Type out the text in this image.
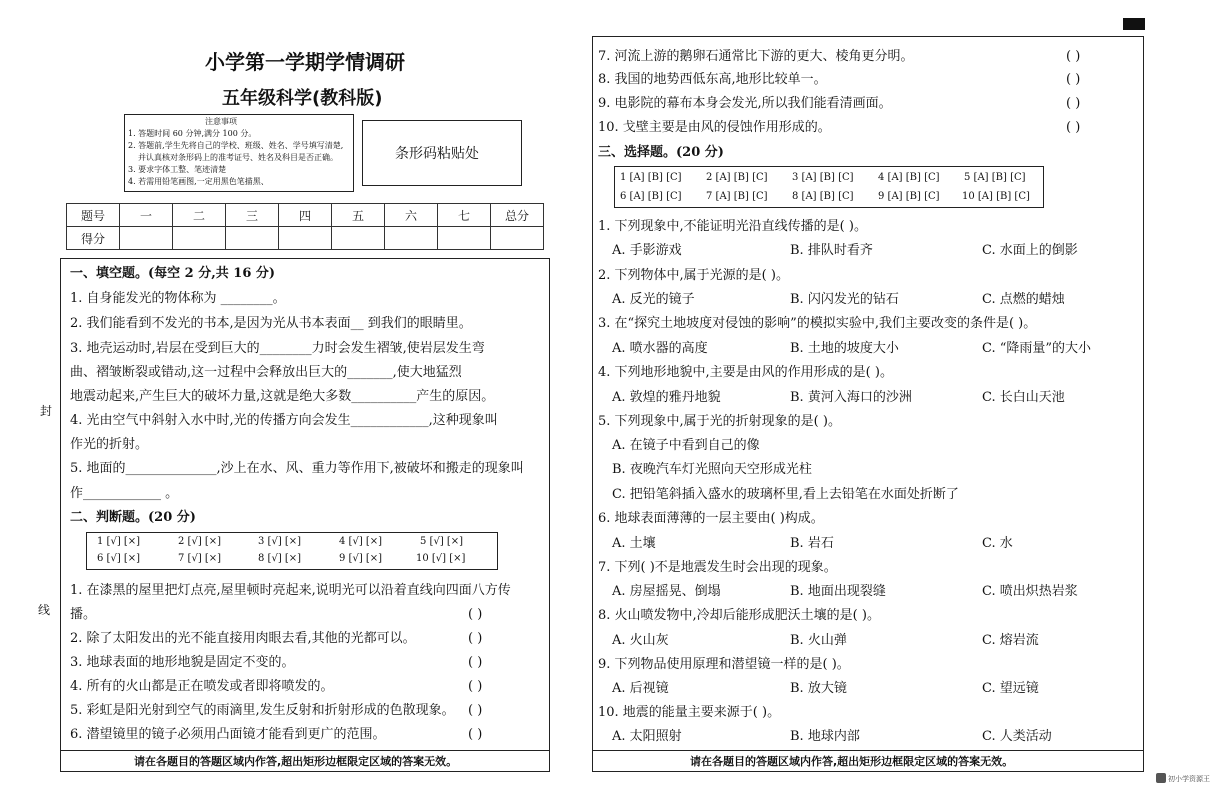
小学第一学期学情调研
五年级科学(教科版)
注意事项
1. 答题时间 60 分钟,满分 100 分。
2. 答题前,学生先将自己的学校、班级、姓名、学号填写清楚,
并认真核对条形码上的准考证号、姓名及科目是否正确。
3. 要求字体工整、笔迹清楚
4. 若需用铅笔画图,一定用黑色笔描黑、
条形码粘贴处
题号	一	二	三	四	五	六	七	总分
得分								
一、填空题。(每空 2 分,共 16 分)
1. 自身能发光的物体称为 ________。
2. 我们能看到不发光的书本,是因为光从书本表面__ 到我们的眼睛里。
3. 地壳运动时,岩层在受到巨大的________力时会发生褶皱,使岩层发生弯
曲、褶皱断裂或错动,这一过程中会释放出巨大的_______,使大地猛烈
地震动起来,产生巨大的破坏力量,这就是绝大多数__________产生的原因。
4. 光由空气中斜射入水中时,光的传播方向会发生____________,这种现象叫
作光的折射。
5. 地面的______________,沙上在水、风、重力等作用下,被破坏和搬走的现象叫
作____________ 。
二、判断题。(20 分)
1 [√] [×]	2 [√] [×]	3 [√] [×]	4 [√] [×]	5 [√] [×]
6 [√] [×]	7 [√] [×]	8 [√] [×]	9 [√] [×]	10 [√] [×]
1. 在漆黑的屋里把灯点亮,屋里顿时亮起来,说明光可以沿着直线向四面八方传
播。	( )
2. 除了太阳发出的光不能直接用肉眼去看,其他的光都可以。	( )
3. 地球表面的地形地貌是固定不变的。	( )
4. 所有的火山都是正在喷发或者即将喷发的。	( )
5. 彩虹是阳光射到空气的雨滴里,发生反射和折射形成的色散现象。 ( )
6. 潜望镜里的镜子必须用凸面镜才能看到更广的范围。	( )
请在各题目的答题区域内作答,超出矩形边框限定区域的答案无效。
封
线
7. 河流上游的鹅卵石通常比下游的更大、棱角更分明。	( )
8. 我国的地势西低东高,地形比较单一。	( )
9. 电影院的幕布本身会发光,所以我们能看清画面。	( )
10. 戈壁主要是由风的侵蚀作用形成的。	( )
三、选择题。(20 分)
1 [A] [B] [C] 2 [A] [B] [C] 3 [A] [B] [C] 4 [A] [B] [C] 5 [A] [B] [C]
6 [A] [B] [C] 7 [A] [B] [C] 8 [A] [B] [C] 9 [A] [B] [C] 10 [A] [B] [C]
1. 下列现象中,不能证明光沿直线传播的是( )。
A. 手影游戏	B. 排队时看齐	C. 水面上的倒影
2. 下列物体中,属于光源的是( )。
A. 反光的镜子	B. 闪闪发光的钻石	C. 点燃的蜡烛
3. 在“探究土地坡度对侵蚀的影响”的模拟实验中,我们主要改变的条件是( )。
A. 喷水器的高度	B. 土地的坡度大小	C. “降雨量”的大小
4. 下列地形地貌中,主要是由风的作用形成的是( )。
A. 敦煌的雅丹地貌	B. 黄河入海口的沙洲	C. 长白山天池
5. 下列现象中,属于光的折射现象的是( )。
A. 在镜子中看到自己的像
B. 夜晚汽车灯光照向天空形成光柱
C. 把铅笔斜插入盛水的玻璃杯里,看上去铅笔在水面处折断了
6. 地球表面薄薄的一层主要由( )构成。
A. 土壤	B. 岩石	C. 水
7. 下列( )不是地震发生时会出现的现象。
A. 房屋摇晃、倒塌	B. 地面出现裂缝	C. 喷出炽热岩浆
8. 火山喷发物中,冷却后能形成肥沃土壤的是( )。
A. 火山灰	B. 火山弹	C. 熔岩流
9. 下列物品使用原理和潜望镜一样的是( )。
A. 后视镜	B. 放大镜	C. 望远镜
10. 地震的能量主要来源于( )。
A. 太阳照射	B. 地球内部	C. 人类活动
请在各题目的答题区域内作答,超出矩形边框限定区域的答案无效。
初小学资源王
